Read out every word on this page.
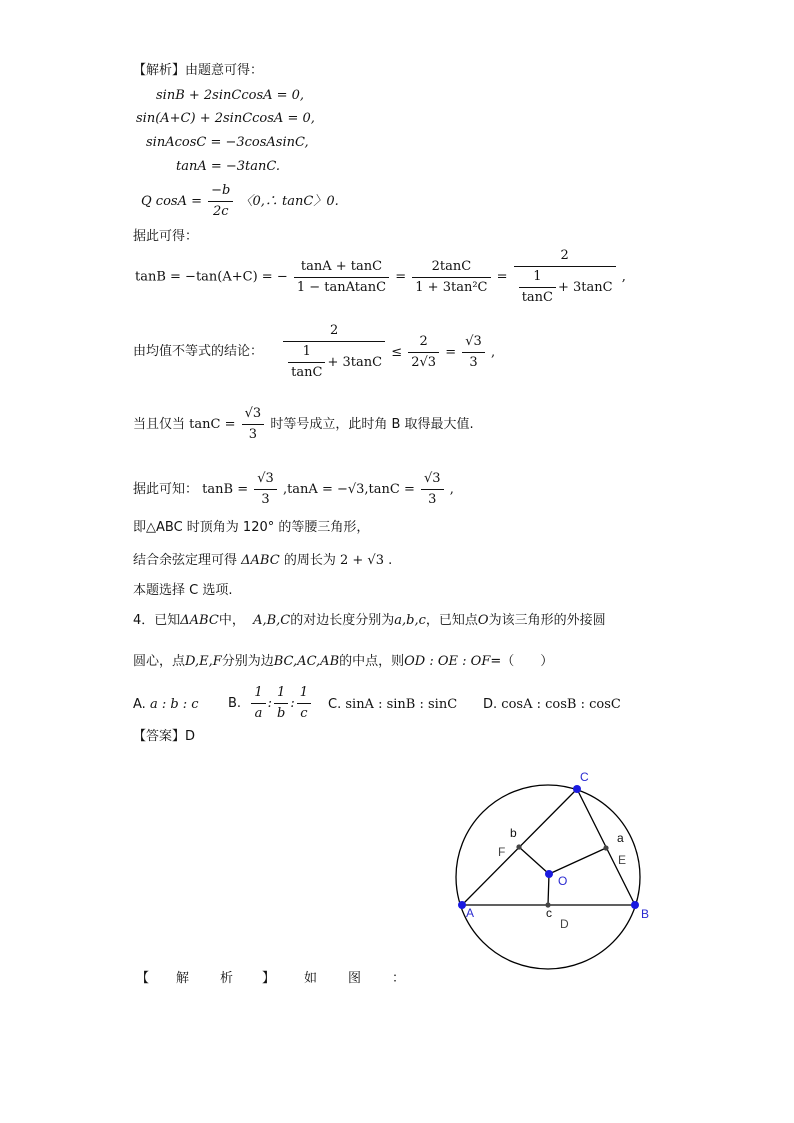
【解析】由题意可得：
sinB + 2sinCcosA = 0,
sin(A+C) + 2sinCcosA = 0,
sinAcosC = −3cosAsinC,
tanA = −3tanC.
Q $\cos A = \frac{-b}{2c}$ 〈0,∴ tanC〉0.
据此可得：
tanB = −tan(A+C) = − $\frac{\tan A + \tan C}{\text{1 − tanAtanC}} = \frac{2\tan C}{\text{1 + 3tan²C}} = \frac{2}{\frac{1}{\tan C} + 3\tan C}$ ,
由均值不等式的结论： $\frac{2}{\frac{1}{\tan C} + 3\tan C} \le \frac{2}{2√3} = \frac{√3}{3}$ ,
当且仅当 $\tan C = \frac{√3}{3}$ 时等号成立，此时角 B 取得最大值.
据此可知： $\tan B = \frac{√3}{3} ,\tan A = -√3,\tan C = \frac{√3}{3}$ ,
即△ABC 时顶角为 120° 的等腰三角形，
结合余弦定理可得 ΔABC 的周长为 2 + √3 .
本题选择 C 选项.
4．已知ΔABC中， A,B,C的对边长度分别为a,b,c，已知点O为该三角形的外接圆
圆心，点D,E,F分别为边BC,AC,AB的中点，则OD : OE : OF=（　　）
A. a : b : c B. $\frac{1}{a}$ : $\frac{1}{b}$ : $\frac{1}{c} C$. sinA : sinB : sinC D. cosA : cosB : cosC
【答案】D
C
A	B
O
D
E
F
a
b
c
【 解 析 】 如 图 ：
